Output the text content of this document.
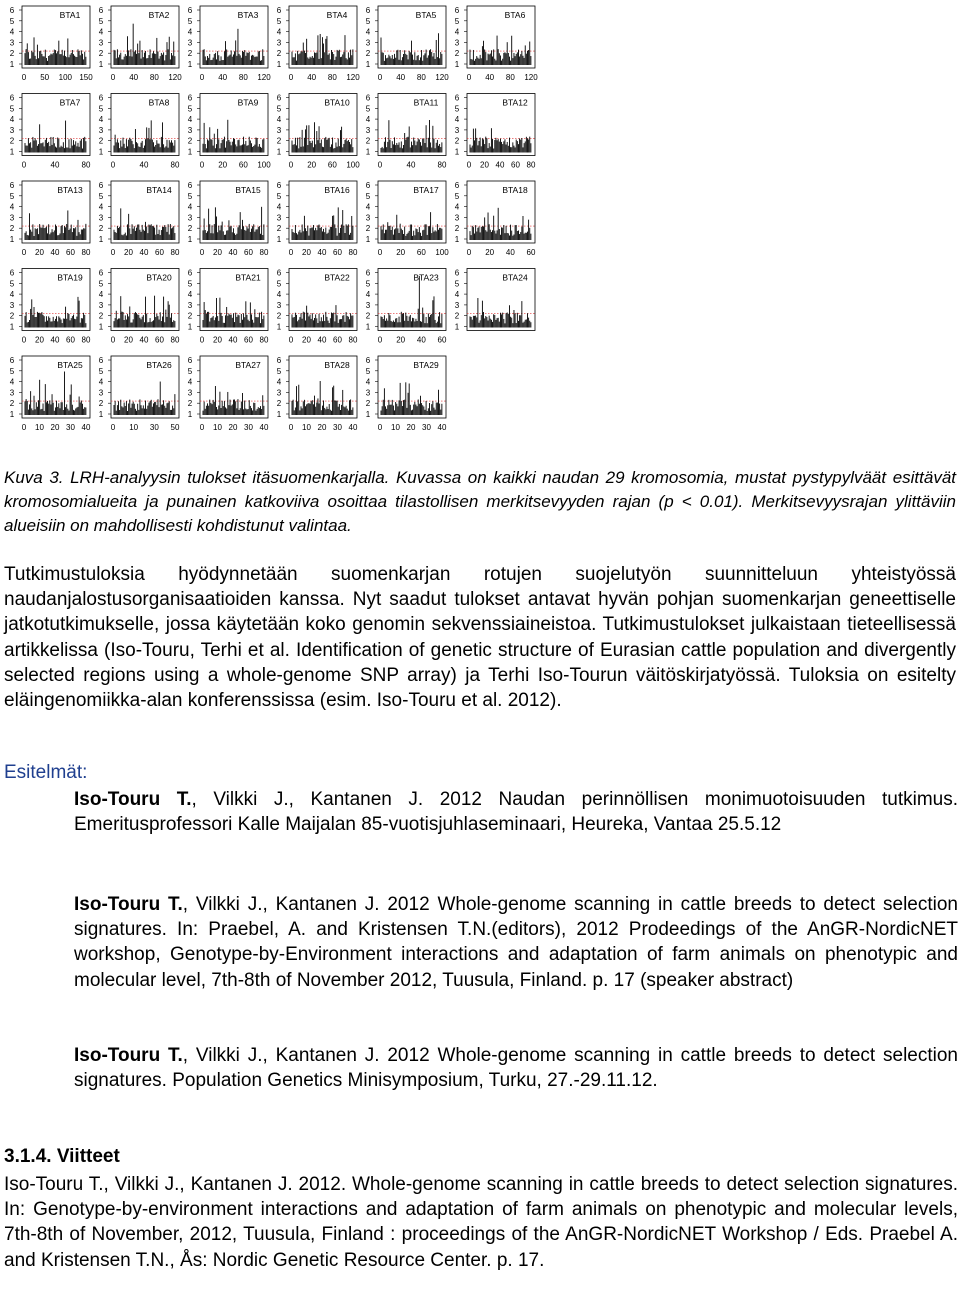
1
2
3
4
5
6	BTA1
0 50 100 150
1
2
3
4
5
6	BTA2
0 40 80 120
1
2
3
4
5
6	BTA3
0 40 80 120
1
2
3
4
5
6	BTA4
0 40 80 120
1
2
3
4
5
6	BTA5
0 40 80 120
1
2
3
4
5
6	BTA6
0 40 80 120
1
2
3
4
5
6	BTA7
0	40	80
1
2
3
4
5
6	BTA8
0	40	80
1
2
3
4
5
6	BTA9
0 20 60 100
1
2
3
4
5
6	BTA10
0 20 60 100
1
2
3
4
5
6	BTA11
0	40	80
1
2
3
4
5
6	BTA12
0 20 40 60 80
1
2
3
4
5
6	BTA13
0 20 40 60 80
1
2
3
4
5
6	BTA14
0 20 40 60 80
1
2
3
4
5
6	BTA15
0 20 40 60 80
1
2
3
4
5
6	BTA16
0 20 40 60 80
1
2
3
4
5
6	BTA17
0 20 60 100
1
2
3
4
5
6	BTA18
0 20 40 60
1
2
3
4
5
6	BTA19
0 20 40 60 80
1
2
3
4
5
6	BTA20
0 20 40 60 80
1
2
3
4
5
6	BTA21
0 20 40 60 80
1
2
3
4
5
6	BTA22
0 20 40 60 80
1
2
3
4
5
6	BTA23
0 20 40 60
1
2
3
4
5
6	BTA24
1
2
3
4
5
6	BTA25
0 10 20 30 40
1
2
3
4
5
6	BTA26
0 10 30 50
1
2
3
4
5
6	BTA27
0 10 20 30 40
1
2
3
4
5
6	BTA28
0 10 20 30 40
1
2
3
4
5
6	BTA29
0 10 20 30 40
Kuva 3. LRH-analyysin tulokset itäsuomenkarjalla. Kuvassa on kaikki naudan 29 kromosomia, mustat pystypylväät esittävät kromosomialueita ja punainen katkoviiva osoittaa tilastollisen merkitsevyyden rajan (p < 0.01). Merkitsevyysrajan ylittäviin alueisiin on mahdollisesti kohdistunut valintaa.
Tutkimustuloksia hyödynnetään suomenkarjan rotujen suojelutyön suunnitteluun yhteistyössä naudanjalostusorganisaatioiden kanssa. Nyt saadut tulokset antavat hyvän pohjan suomenkarjan geneettiselle jatkotutkimukselle, jossa käytetään koko genomin sekvenssiaineistoa. Tutkimustulokset julkaistaan tieteellisessä artikkelissa (Iso-Touru, Terhi et al. Identification of genetic structure of Eurasian cattle population and divergently selected regions using a whole-genome SNP array) ja Terhi Iso-Tourun väitöskirjatyössä. Tuloksia on esitelty eläingenomiikka-alan konferenssissa (esim. Iso-Touru et al. 2012).
Esitelmät:
Iso-Touru T., Vilkki J., Kantanen J. 2012 Naudan perinnöllisen monimuotoisuuden tutkimus. Emeritusprofessori Kalle Maijalan 85-vuotisjuhlaseminaari, Heureka, Vantaa 25.5.12
Iso-Touru T., Vilkki J., Kantanen J. 2012 Whole-genome scanning in cattle breeds to detect selection signatures. In: Praebel, A. and Kristensen T.N.(editors), 2012 Prodeedings of the AnGR-NordicNET workshop, Genotype-by-Environment interactions and adaptation of farm animals on phenotypic and molecular level, 7th-8th of November 2012, Tuusula, Finland. p. 17 (speaker abstract)
Iso-Touru T., Vilkki J., Kantanen J. 2012 Whole-genome scanning in cattle breeds to detect selection signatures. Population Genetics Minisymposium, Turku, 27.-29.11.12.
3.1.4. Viitteet
Iso-Touru T., Vilkki J., Kantanen J. 2012. Whole-genome scanning in cattle breeds to detect selection signatures. In: Genotype-by-environment interactions and adaptation of farm animals on phenotypic and molecular levels, 7th-8th of November, 2012, Tuusula, Finland : proceedings of the AnGR-NordicNET Workshop / Eds. Praebel A. and Kristensen T.N., Ås: Nordic Genetic Resource Center. p. 17.
